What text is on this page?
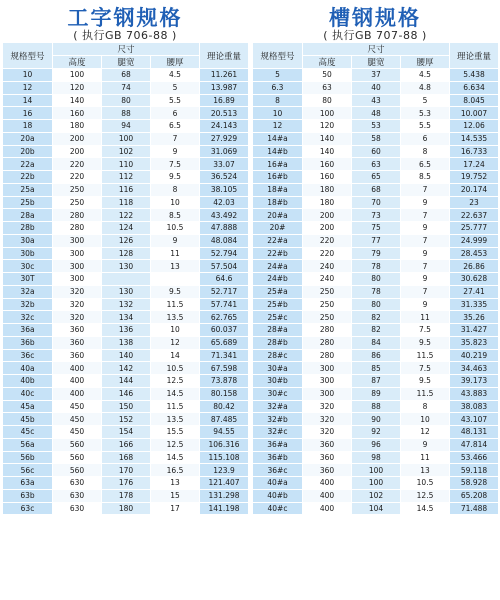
工字钢规格
( 执行GB 706-88 )
规格型号	尺寸			理论重量
	高度	腿宽	腰厚	
10	100	68	4.5	11.261
12	120	74	5	13.987
14	140	80	5.5	16.89
16	160	88	6	20.513
18	180	94	6.5	24.143
20a	200	100	7	27.929
20b	200	102	9	31.069
22a	220	110	7.5	33.07
22b	220	112	9.5	36.524
25a	250	116	8	38.105
25b	250	118	10	42.03
28a	280	122	8.5	43.492
28b	280	124	10.5	47.888
30a	300	126	9	48.084
30b	300	128	11	52.794
30c	300	130	13	57.504
30T	300			64.6
32a	320	130	9.5	52.717
32b	320	132	11.5	57.741
32c	320	134	13.5	62.765
36a	360	136	10	60.037
36b	360	138	12	65.689
36c	360	140	14	71.341
40a	400	142	10.5	67.598
40b	400	144	12.5	73.878
40c	400	146	14.5	80.158
45a	450	150	11.5	80.42
45b	450	152	13.5	87.485
45c	450	154	15.5	94.55
56a	560	166	12.5	106.316
56b	560	168	14.5	115.108
56c	560	170	16.5	123.9
63a	630	176	13	121.407
63b	630	178	15	131.298
63c	630	180	17	141.198
槽钢规格
( 执行GB 707-88 )
规格型号	尺寸			理论重量
	高度	腿宽	腰厚	
5	50	37	4.5	5.438
6.3	63	40	4.8	6.634
8	80	43	5	8.045
10	100	48	5.3	10.007
12	120	53	5.5	12.06
14#a	140	58	6	14.535
14#b	140	60	8	16.733
16#a	160	63	6.5	17.24
16#b	160	65	8.5	19.752
18#a	180	68	7	20.174
18#b	180	70	9	23
20#a	200	73	7	22.637
20#	200	75	9	25.777
22#a	220	77	7	24.999
22#b	220	79	9	28.453
24#a	240	78	7	26.86
24#b	240	80	9	30.628
25#a	250	78	7	27.41
25#b	250	80	9	31.335
25#c	250	82	11	35.26
28#a	280	82	7.5	31.427
28#b	280	84	9.5	35.823
28#c	280	86	11.5	40.219
30#a	300	85	7.5	34.463
30#b	300	87	9.5	39.173
30#c	300	89	11.5	43.883
32#a	320	88	8	38.083
32#b	320	90	10	43.107
32#c	320	92	12	48.131
36#a	360	96	9	47.814
36#b	360	98	11	53.466
36#c	360	100	13	59.118
40#a	400	100	10.5	58.928
40#b	400	102	12.5	65.208
40#c	400	104	14.5	71.488
